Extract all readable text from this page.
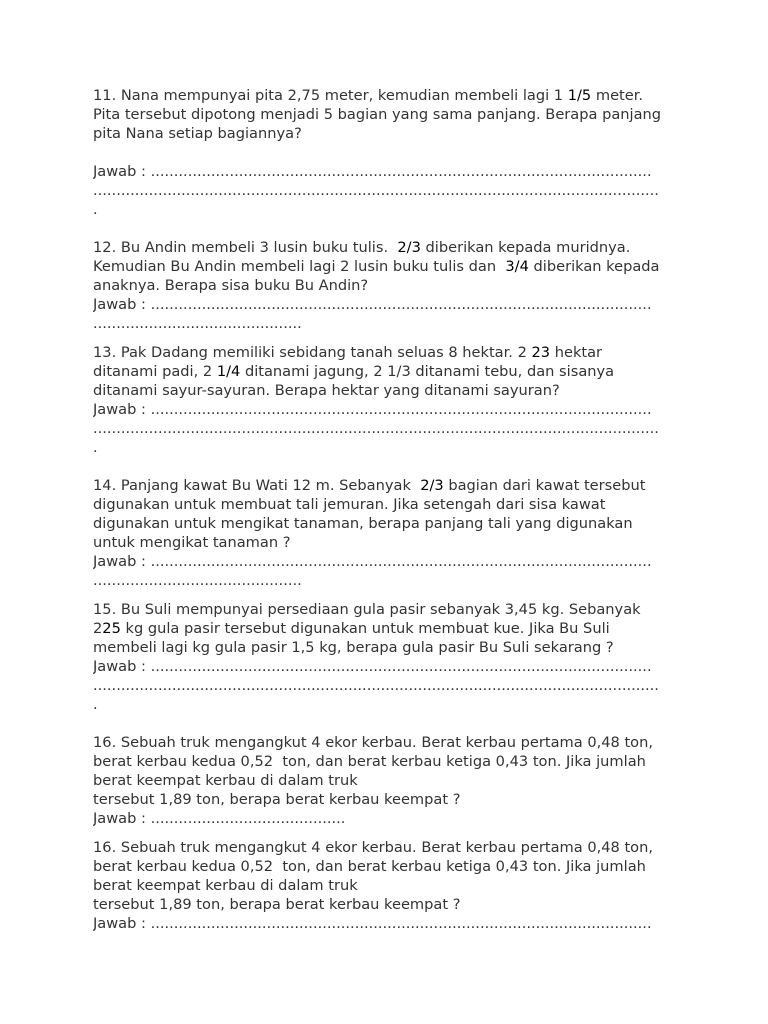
11. Nana mempunyai pita 2,75 meter, kemudian membeli lagi 1 1/5 meter.
Pita tersebut dipotong menjadi 5 bagian yang sama panjang. Berapa panjang
pita Nana setiap bagiannya?
Jawab : ............................................................................................................
..........................................................................................................................
.
12. Bu Andin membeli 3 lusin buku tulis.  2/3 diberikan kepada muridnya.
Kemudian Bu Andin membeli lagi 2 lusin buku tulis dan  3/4 diberikan kepada
anaknya. Berapa sisa buku Bu Andin?
Jawab : ............................................................................................................
.............................................
13. Pak Dadang memiliki sebidang tanah seluas 8 hektar. 2 23 hektar
ditanami padi, 2 1/4 ditanami jagung, 2 1/3 ditanami tebu, dan sisanya
ditanami sayur-sayuran. Berapa hektar yang ditanami sayuran?
Jawab : ............................................................................................................
..........................................................................................................................
.
14. Panjang kawat Bu Wati 12 m. Sebanyak  2/3 bagian dari kawat tersebut
digunakan untuk membuat tali jemuran. Jika setengah dari sisa kawat
digunakan untuk mengikat tanaman, berapa panjang tali yang digunakan
untuk mengikat tanaman ?
Jawab : ............................................................................................................
.............................................
15. Bu Suli mempunyai persediaan gula pasir sebanyak 3,45 kg. Sebanyak
225 kg gula pasir tersebut digunakan untuk membuat kue. Jika Bu Suli
membeli lagi kg gula pasir 1,5 kg, berapa gula pasir Bu Suli sekarang ?
Jawab : ............................................................................................................
..........................................................................................................................
.
16. Sebuah truk mengangkut 4 ekor kerbau. Berat kerbau pertama 0,48 ton,
berat kerbau kedua 0,52  ton, dan berat kerbau ketiga 0,43 ton. Jika jumlah
berat keempat kerbau di dalam truk
tersebut 1,89 ton, berapa berat kerbau keempat ?
Jawab : ..........................................
16. Sebuah truk mengangkut 4 ekor kerbau. Berat kerbau pertama 0,48 ton,
berat kerbau kedua 0,52  ton, dan berat kerbau ketiga 0,43 ton. Jika jumlah
berat keempat kerbau di dalam truk
tersebut 1,89 ton, berapa berat kerbau keempat ?
Jawab : ............................................................................................................
